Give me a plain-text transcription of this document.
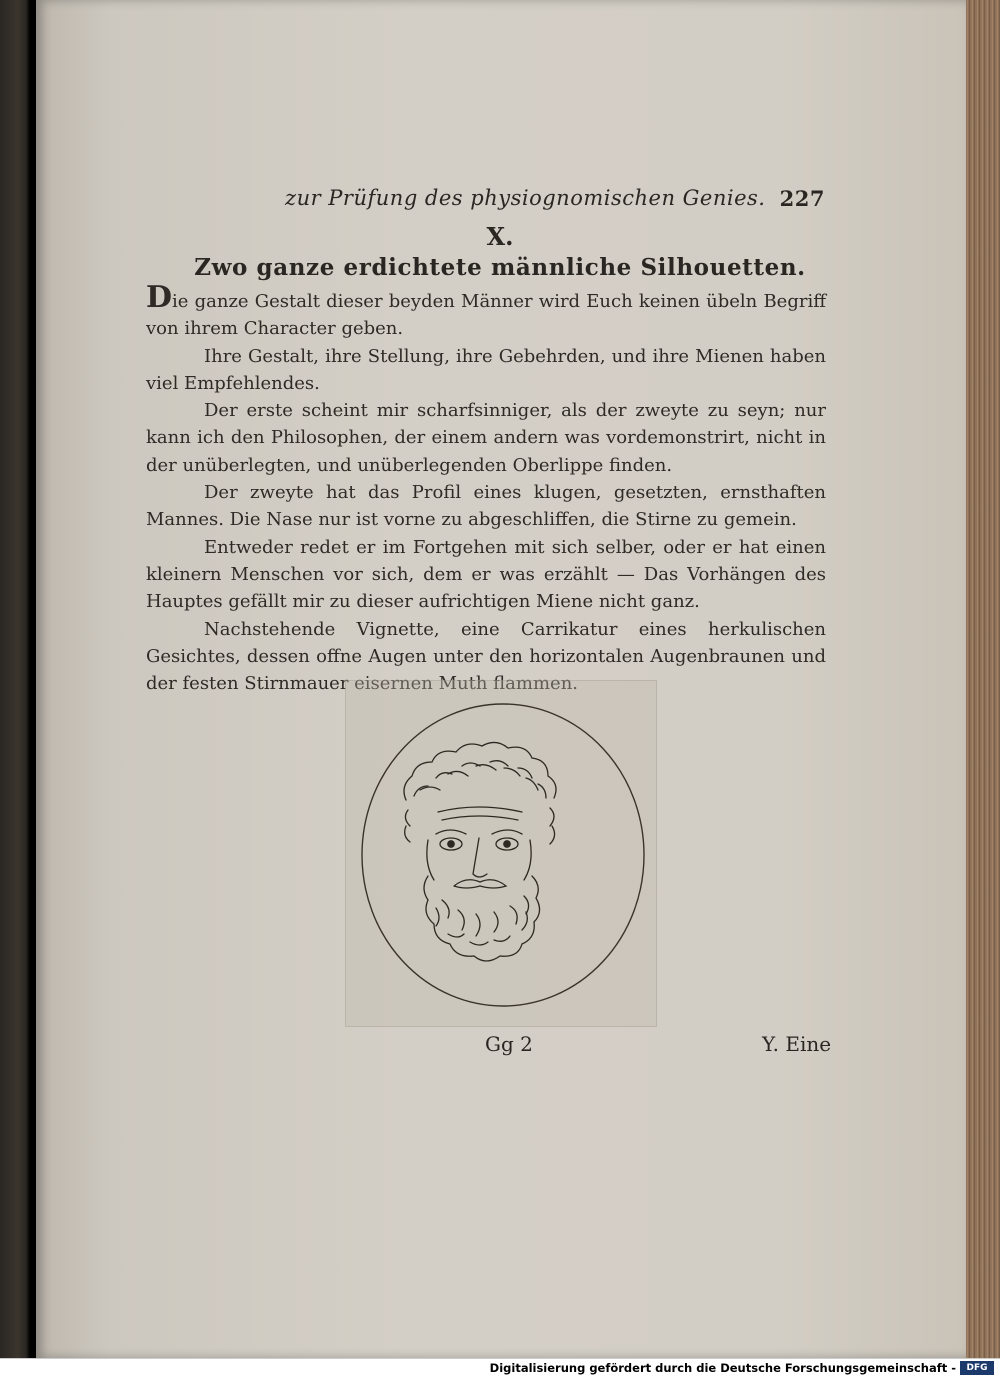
zur Prüfung des physiognomischen Genies. 227
X.
Zwo ganze erdichtete männliche Silhouetten.

Die ganze Gestalt dieser beyden Männer wird Euch keinen übeln Begriff von ihrem Character geben.

Ihre Gestalt, ihre Stellung, ihre Gebehrden, und ihre Mienen haben viel Empfehlendes.

Der erste scheint mir scharfsinniger, als der zweyte zu seyn; nur kann ich den Philosophen, der einem andern was vordemonstrirt, nicht in der unüberlegten, und unüberlegenden Oberlippe finden.

Der zweyte hat das Profil eines klugen, gesetzten, ernsthaften Mannes. Die Nase nur ist vorne zu abgeschliffen, die Stirne zu gemein.

Entweder redet er im Fortgehen mit sich selber, oder er hat einen kleinern Menschen vor sich, dem er was erzählt — Das Vorhängen des Hauptes gefällt mir zu dieser aufrichtigen Miene nicht ganz.

Nachstehende Vignette, eine Carrikatur eines herkulischen Gesichtes, dessen offne Augen unter den horizontalen Augenbraunen und der festen Stirnmauer eisernen Muth flammen.

Gg 2	Y. Eine
Digitalisierung gefördert durch die Deutsche Forschungsgemeinschaft -	DFG
